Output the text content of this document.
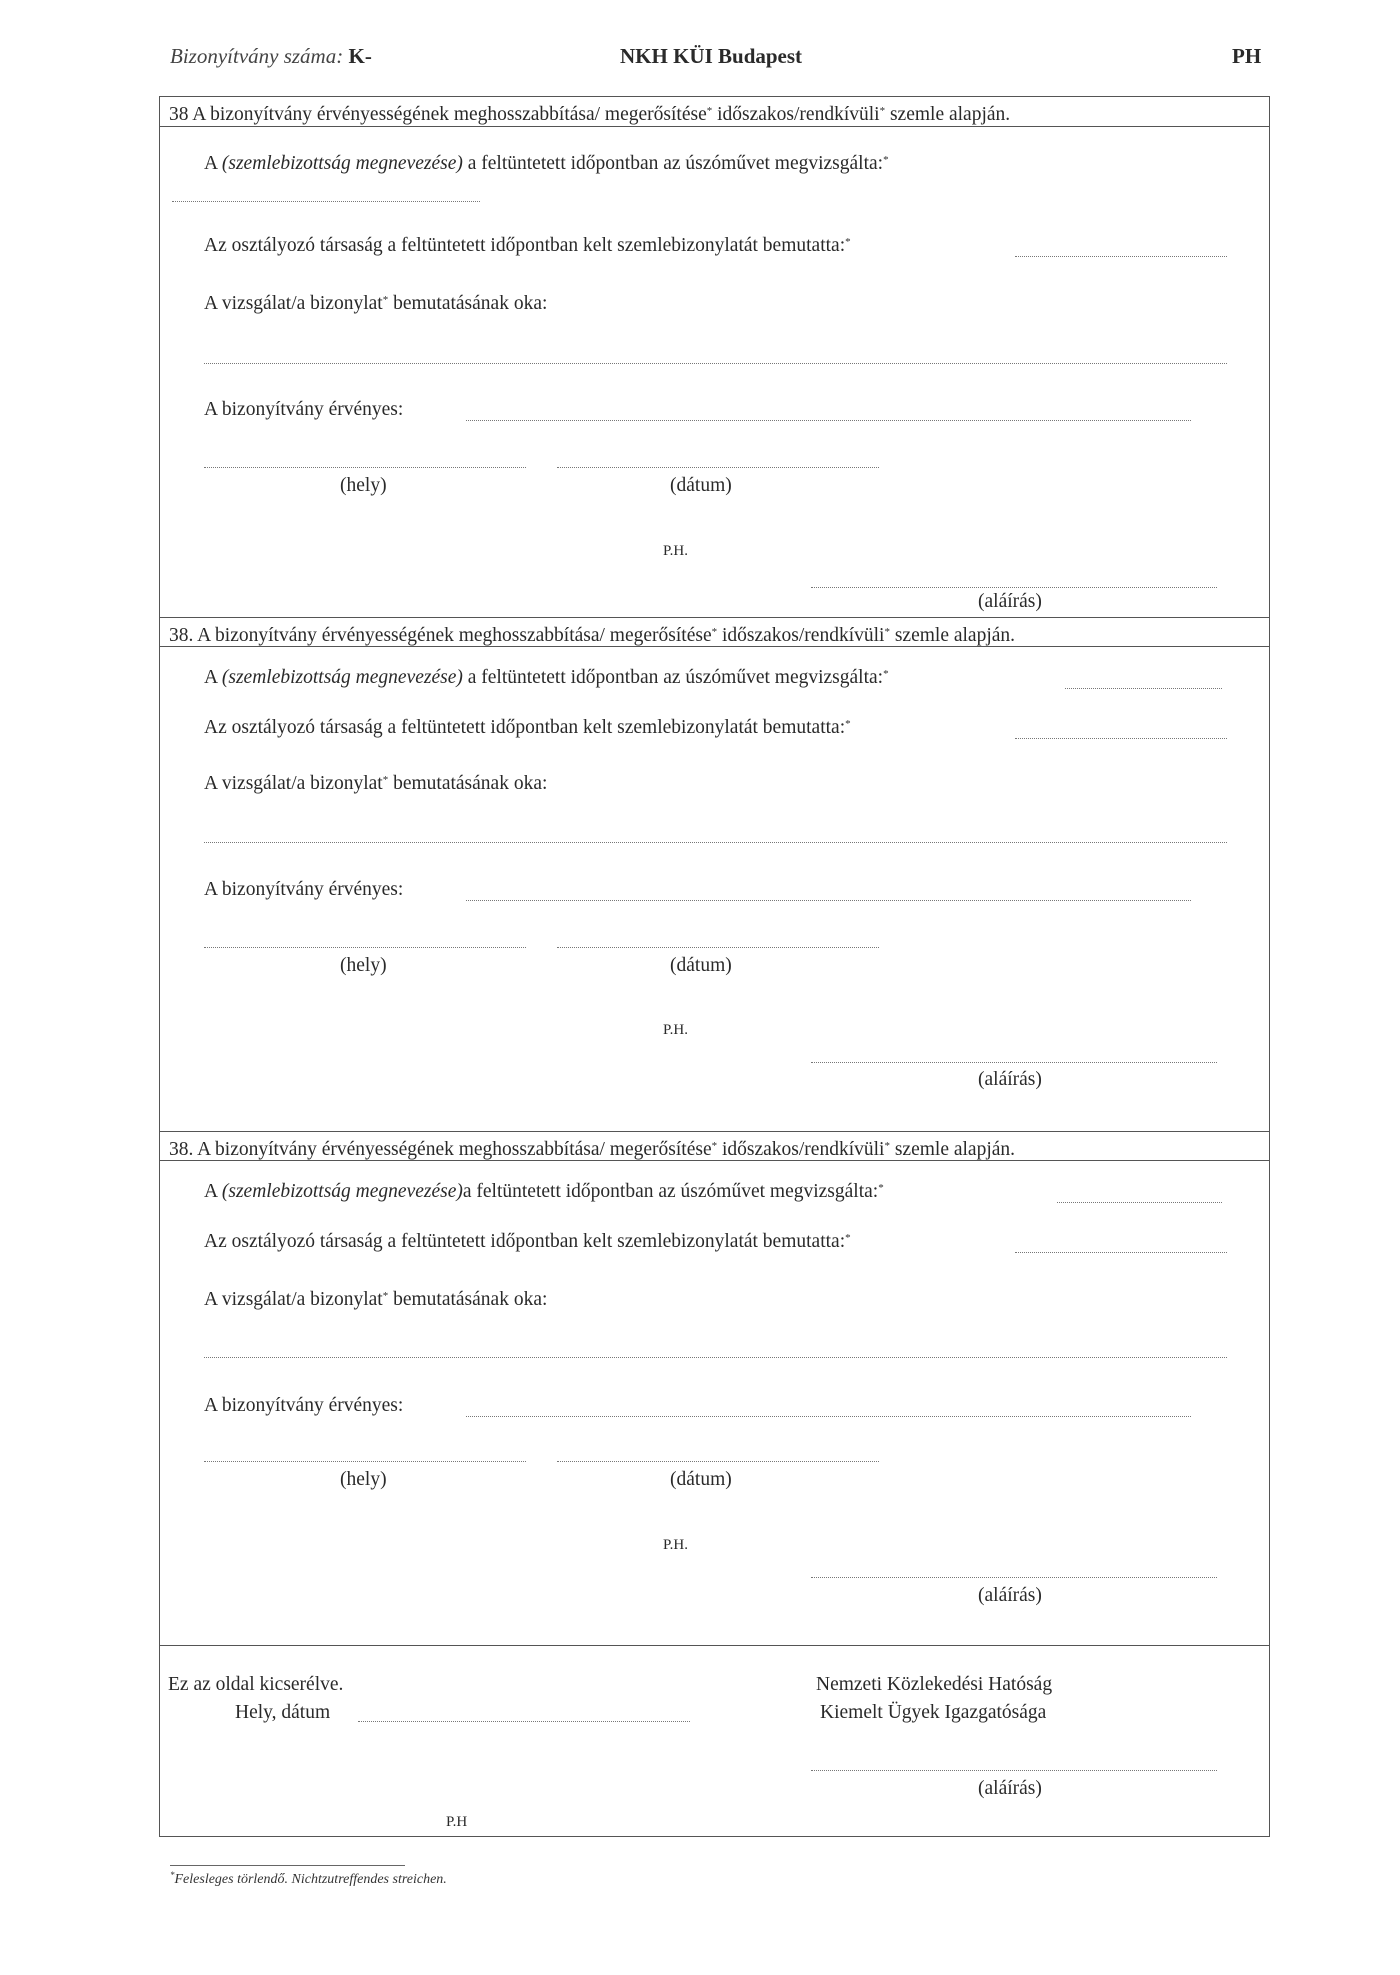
Bizonyítvány száma: K-	NKH KÜI Budapest	PH
38 A bizonyítvány érvényességének meghosszabbítása/ megerősítése* időszakos/rendkívüli* szemle alapján.
A (szemlebizottság megnevezése) a feltüntetett időpontban az úszóművet megvizsgálta:*
Az osztályozó társaság a feltüntetett időpontban kelt szemlebizonylatát bemutatta:*
A vizsgálat/a bizonylat* bemutatásának oka:
A bizonyítvány érvényes:
(hely)	(dátum)
P.H.
(aláírás)
38. A bizonyítvány érvényességének meghosszabbítása/ megerősítése* időszakos/rendkívüli* szemle alapján.
A (szemlebizottság megnevezése) a feltüntetett időpontban az úszóművet megvizsgálta:*
Az osztályozó társaság a feltüntetett időpontban kelt szemlebizonylatát bemutatta:*
A vizsgálat/a bizonylat* bemutatásának oka:
A bizonyítvány érvényes:
(hely)	(dátum)
P.H.
(aláírás)
38. A bizonyítvány érvényességének meghosszabbítása/ megerősítése* időszakos/rendkívüli* szemle alapján.
A (szemlebizottság megnevezése)a feltüntetett időpontban az úszóművet megvizsgálta:*
Az osztályozó társaság a feltüntetett időpontban kelt szemlebizonylatát bemutatta:*
A vizsgálat/a bizonylat* bemutatásának oka:
A bizonyítvány érvényes:
(hely)	(dátum)
P.H.
(aláírás)
Ez az oldal kicserélve.
Hely, dátum
Nemzeti Közlekedési Hatóság
Kiemelt Ügyek Igazgatósága
(aláírás)
P.H
*Felesleges törlendő. Nichtzutreffendes streichen.
